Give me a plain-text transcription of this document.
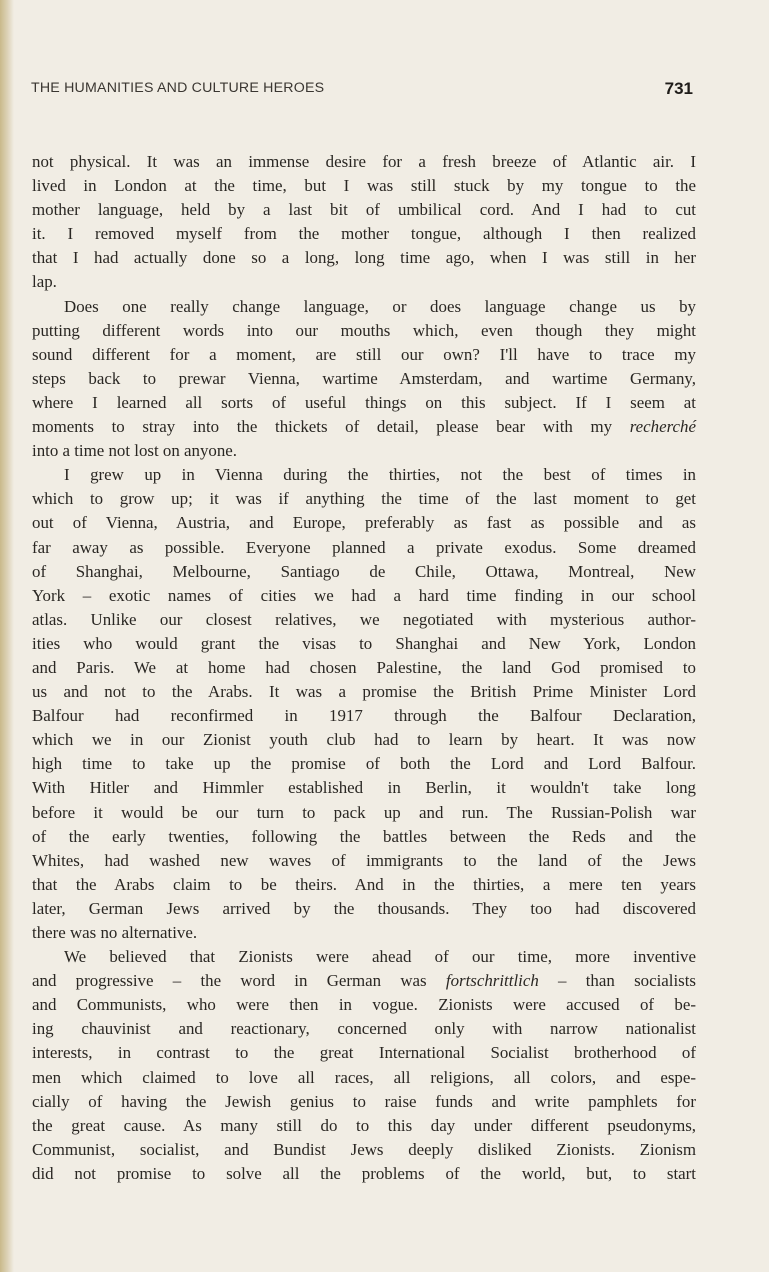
THE HUMANITIES AND CULTURE HEROES	731

not physical. It was an immense desire for a fresh breeze of Atlantic air. I
lived in London at the time, but I was still stuck by my tongue to the
mother language, held by a last bit of umbilical cord. And I had to cut
it. I removed myself from the mother tongue, although I then realized
that I had actually done so a long, long time ago, when I was still in her
lap.

Does one really change language, or does language change us by
putting different words into our mouths which, even though they might
sound different for a moment, are still our own? I'll have to trace my
steps back to prewar Vienna, wartime Amsterdam, and wartime Germany,
where I learned all sorts of useful things on this subject. If I seem at
moments to stray into the thickets of detail, please bear with my recherché
into a time not lost on anyone.

I grew up in Vienna during the thirties, not the best of times in
which to grow up; it was if anything the time of the last moment to get
out of Vienna, Austria, and Europe, preferably as fast as possible and as
far away as possible. Everyone planned a private exodus. Some dreamed
of Shanghai, Melbourne, Santiago de Chile, Ottawa, Montreal, New
York – exotic names of cities we had a hard time finding in our school
atlas. Unlike our closest relatives, we negotiated with mysterious author-
ities who would grant the visas to Shanghai and New York, London
and Paris. We at home had chosen Palestine, the land God promised to
us and not to the Arabs. It was a promise the British Prime Minister Lord
Balfour had reconfirmed in 1917 through the Balfour Declaration,
which we in our Zionist youth club had to learn by heart. It was now
high time to take up the promise of both the Lord and Lord Balfour.
With Hitler and Himmler established in Berlin, it wouldn't take long
before it would be our turn to pack up and run. The Russian-Polish war
of the early twenties, following the battles between the Reds and the
Whites, had washed new waves of immigrants to the land of the Jews
that the Arabs claim to be theirs. And in the thirties, a mere ten years
later, German Jews arrived by the thousands. They too had discovered
there was no alternative.

We believed that Zionists were ahead of our time, more inventive
and progressive – the word in German was fortschrittlich – than socialists
and Communists, who were then in vogue. Zionists were accused of be-
ing chauvinist and reactionary, concerned only with narrow nationalist
interests, in contrast to the great International Socialist brotherhood of
men which claimed to love all races, all religions, all colors, and espe-
cially of having the Jewish genius to raise funds and write pamphlets for
the great cause. As many still do to this day under different pseudonyms,
Communist, socialist, and Bundist Jews deeply disliked Zionists. Zionism
did not promise to solve all the problems of the world, but, to start
